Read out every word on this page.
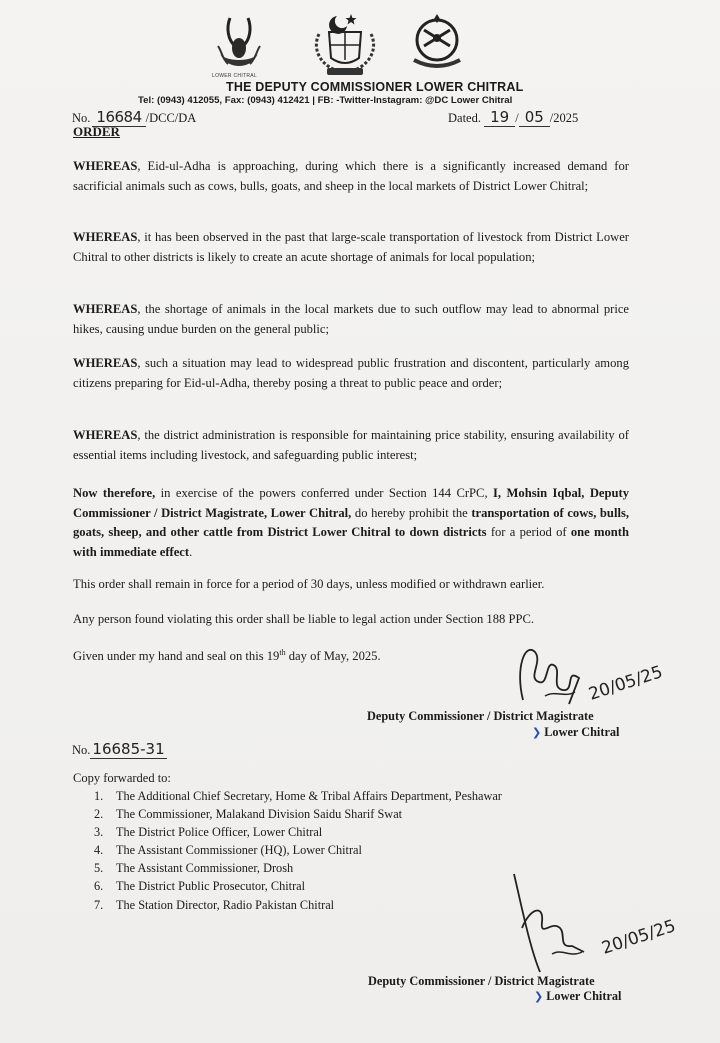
LOWER CHITRAL
THE DEPUTY COMMISSIONER LOWER CHITRAL
Tel: (0943) 412055, Fax: (0943) 412421 | FB: -Twitter-Instagram: @DC Lower Chitral
No. 16684 /DCC/DA	Dated. 19 / 05 /2025
ORDER

WHEREAS, Eid-ul-Adha is approaching, during which there is a significantly increased demand for sacrificial animals such as cows, bulls, goats, and sheep in the local markets of District Lower Chitral;

WHEREAS, it has been observed in the past that large-scale transportation of livestock from District Lower Chitral to other districts is likely to create an acute shortage of animals for local population;

WHEREAS, the shortage of animals in the local markets due to such outflow may lead to abnormal price hikes, causing undue burden on the general public;

WHEREAS, such a situation may lead to widespread public frustration and discontent, particularly among citizens preparing for Eid-ul-Adha, thereby posing a threat to public peace and order;

WHEREAS, the district administration is responsible for maintaining price stability, ensuring availability of essential items including livestock, and safeguarding public interest;

Now therefore, in exercise of the powers conferred under Section 144 CrPC, I, Mohsin Iqbal, Deputy Commissioner / District Magistrate, Lower Chitral, do hereby prohibit the transportation of cows, bulls, goats, sheep, and other cattle from District Lower Chitral to down districts for a period of one month with immediate effect.

This order shall remain in force for a period of 30 days, unless modified or withdrawn earlier.

Any person found violating this order shall be liable to legal action under Section 188 PPC.

Given under my hand and seal on this 19th day of May, 2025.

20/05/25
Deputy Commissioner / District Magistrate
❯ Lower Chitral
No. 16685-31
Copy forwarded to:
1. The Additional Chief Secretary, Home & Tribal Affairs Department, Peshawar
2. The Commissioner, Malakand Division Saidu Sharif Swat
3. The District Police Officer, Lower Chitral
4. The Assistant Commissioner (HQ), Lower Chitral
5. The Assistant Commissioner, Drosh
6. The District Public Prosecutor, Chitral
7. The Station Director, Radio Pakistan Chitral
20/05/25
Deputy Commissioner / District Magistrate
❯ Lower Chitral
